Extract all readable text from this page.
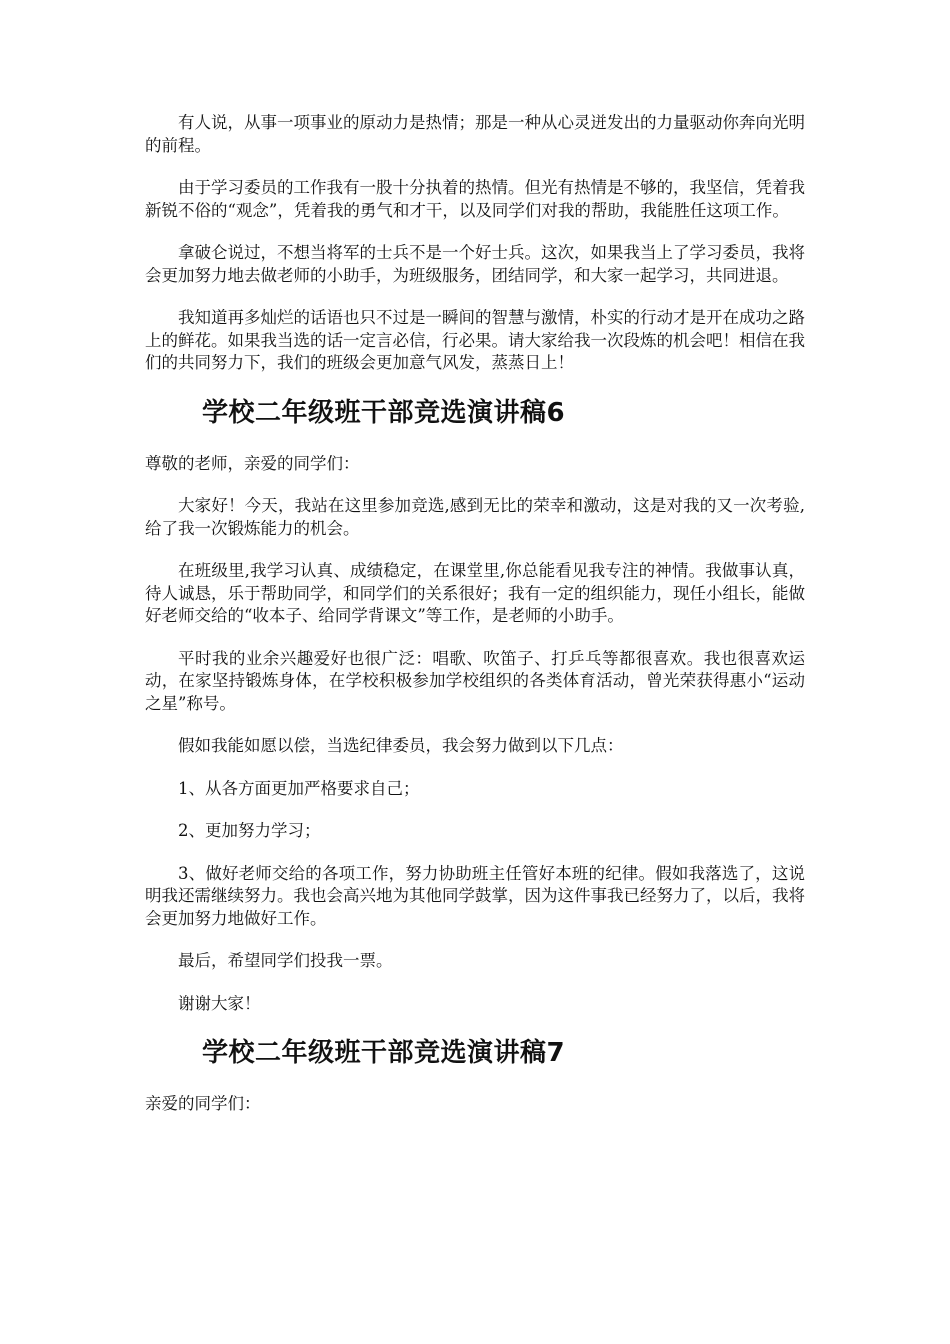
有人说，从事一项事业的原动力是热情；那是一种从心灵迸发出的力量驱动你奔向光明的前程。

由于学习委员的工作我有一股十分执着的热情。但光有热情是不够的，我坚信，凭着我新锐不俗的“观念”，凭着我的勇气和才干，以及同学们对我的帮助，我能胜任这项工作。

拿破仑说过，不想当将军的士兵不是一个好士兵。这次，如果我当上了学习委员，我将会更加努力地去做老师的小助手，为班级服务，团结同学，和大家一起学习，共同进退。

我知道再多灿烂的话语也只不过是一瞬间的智慧与激情，朴实的行动才是开在成功之路上的鲜花。如果我当选的话一定言必信，行必果。请大家给我一次段炼的机会吧！相信在我们的共同努力下，我们的班级会更加意气风发，蒸蒸日上！

学校二年级班干部竞选演讲稿6

尊敬的老师，亲爱的同学们：

大家好！今天，我站在这里参加竞选,感到无比的荣幸和激动，这是对我的又一次考验,给了我一次锻炼能力的机会。

在班级里,我学习认真、成绩稳定，在课堂里,你总能看见我专注的神情。我做事认真，待人诚恳，乐于帮助同学，和同学们的关系很好；我有一定的组织能力，现任小组长，能做好老师交给的“收本子、给同学背课文”等工作，是老师的小助手。

平时我的业余兴趣爱好也很广泛：唱歌、吹笛子、打乒乓等都很喜欢。我也很喜欢运动，在家坚持锻炼身体，在学校积极参加学校组织的各类体育活动，曾光荣获得惠小“运动之星”称号。

假如我能如愿以偿，当选纪律委员，我会努力做到以下几点：

1、从各方面更加严格要求自己；

2、更加努力学习；

3、做好老师交给的各项工作，努力协助班主任管好本班的纪律。假如我落选了，这说明我还需继续努力。我也会高兴地为其他同学鼓掌，因为这件事我已经努力了，以后，我将会更加努力地做好工作。

最后，希望同学们投我一票。

谢谢大家！

学校二年级班干部竞选演讲稿7

亲爱的同学们：
